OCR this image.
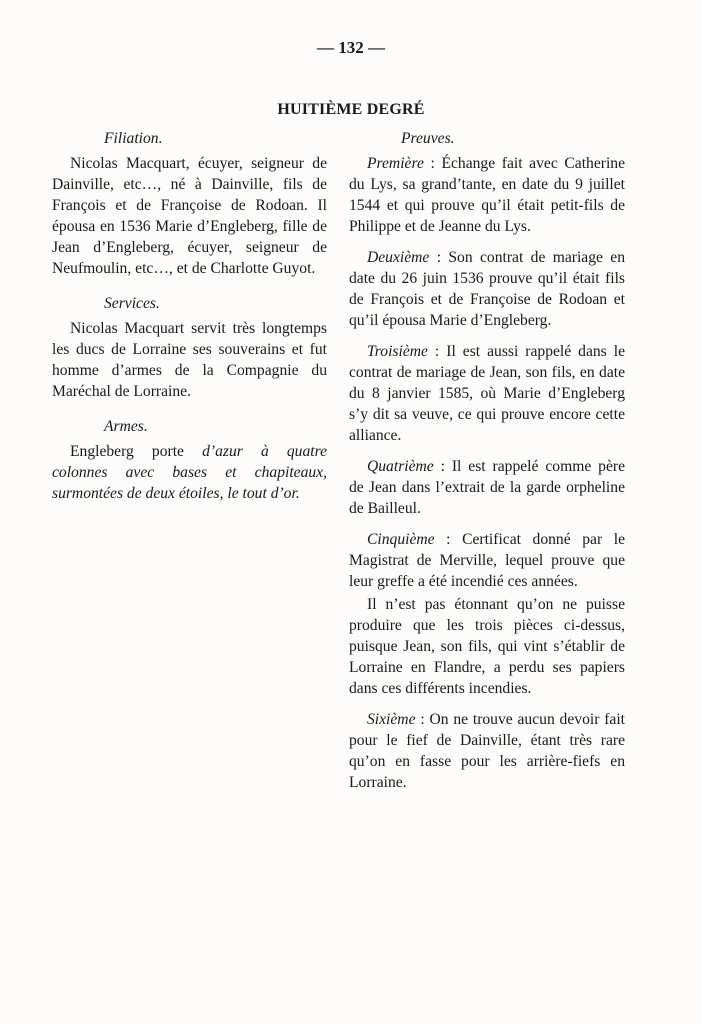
— 132 —
HUITIÈME DEGRÉ
Filiation.

Nicolas Macquart, écuyer, seigneur de Dainville, etc…, né à Dainville, fils de François et de Françoise de Rodoan. Il épousa en 1536 Marie d’Engleberg, fille de Jean d’Engleberg, écuyer, seigneur de Neufmoulin, etc…, et de Charlotte Guyot.

Services.

Nicolas Macquart servit très longtemps les ducs de Lorraine ses souverains et fut homme d’armes de la Compagnie du Maréchal de Lorraine.

Armes.

Engleberg porte d’azur à quatre colonnes avec bases et chapiteaux, surmontées de deux étoiles, le tout d’or.

Preuves.

Première : Échange fait avec Catherine du Lys, sa grand’tante, en date du 9 juillet 1544 et qui prouve qu’il était petit-fils de Philippe et de Jeanne du Lys.

Deuxième : Son contrat de mariage en date du 26 juin 1536 prouve qu’il était fils de François et de Françoise de Rodoan et qu’il épousa Marie d’Engleberg.

Troisième : Il est aussi rappelé dans le contrat de mariage de Jean, son fils, en date du 8 janvier 1585, où Marie d’Engleberg s’y dit sa veuve, ce qui prouve encore cette alliance.

Quatrième : Il est rappelé comme père de Jean dans l’extrait de la garde orpheline de Bailleul.

Cinquième : Certificat donné par le Magistrat de Merville, lequel prouve que leur greffe a été incendié ces années.

Il n’est pas étonnant qu’on ne puisse produire que les trois pièces ci-dessus, puisque Jean, son fils, qui vint s’établir de Lorraine en Flandre, a perdu ses papiers dans ces différents incendies.

Sixième : On ne trouve aucun devoir fait pour le fief de Dainville, étant très rare qu’on en fasse pour les arrière-fiefs en Lorraine.
